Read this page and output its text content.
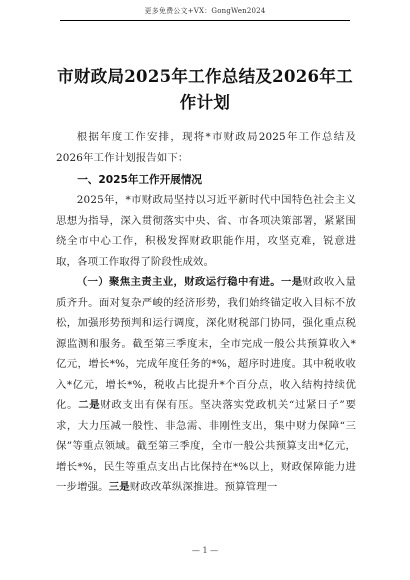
更多免费公文+VX：GongWen2024
市财政局2025年工作总结及2026年工作计划
根据年度工作安排，现将*市财政局2025年工作总结及2026年工作计划报告如下：
一、2025年工作开展情况
2025年，*市财政局坚持以习近平新时代中国特色社会主义思想为指导，深入贯彻落实中央、省、市各项决策部署，紧紧围绕全市中心工作，积极发挥财政职能作用，攻坚克难，锐意进取，各项工作取得了阶段性成效。
（一）聚焦主责主业，财政运行稳中有进。一是财政收入量质齐升。面对复杂严峻的经济形势，我们始终锚定收入目标不放松，加强形势预判和运行调度，深化财税部门协同，强化重点税源监测和服务。截至第三季度末，全市完成一般公共预算收入*亿元，增长*%，完成年度任务的*%，超序时进度。其中税收收入*亿元，增长*%，税收占比提升*个百分点，收入结构持续优化。二是财政支出有保有压。坚决落实党政机关“过紧日子”要求，大力压减一般性、非急需、非刚性支出，集中财力保障“三保”等重点领域。截至第三季度，全市一般公共预算支出*亿元，增长*%，民生等重点支出占比保持在*%以上，财政保障能力进一步增强。三是财政改革纵深推进。预算管理一
— 1 —
